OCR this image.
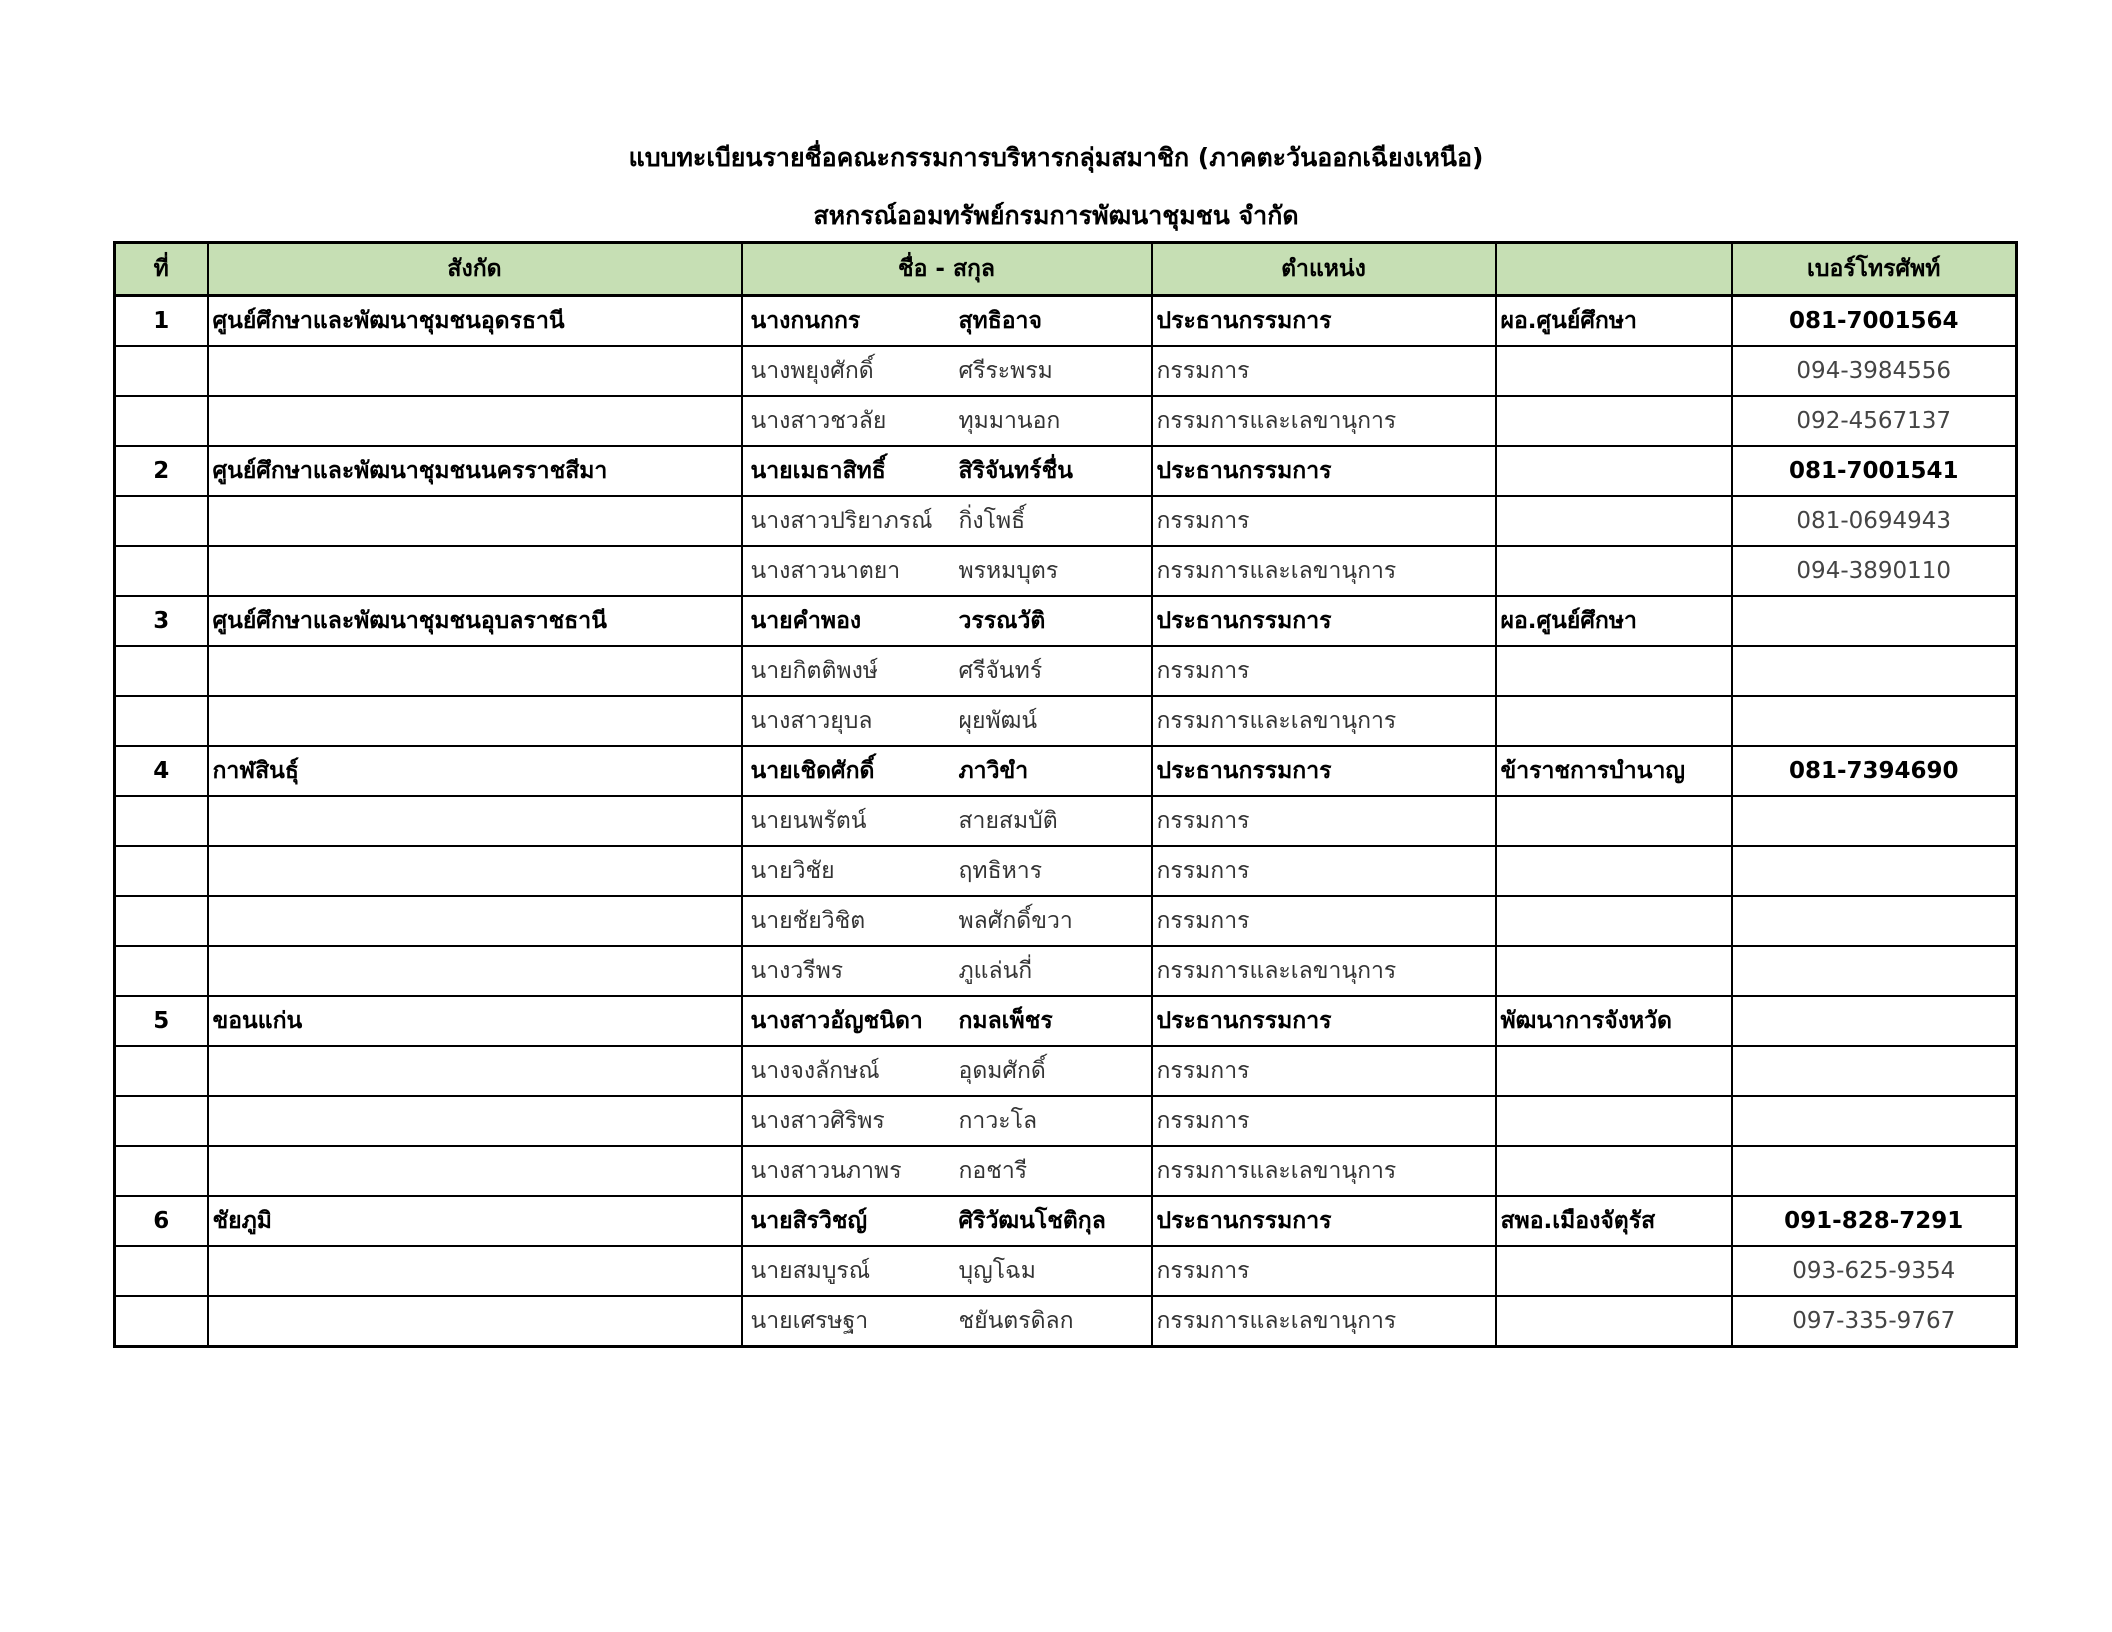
แบบทะเบียนรายชื่อคณะกรรมการบริหารกลุ่มสมาชิก (ภาคตะวันออกเฉียงเหนือ)
สหกรณ์ออมทรัพย์กรมการพัฒนาชุมชน จำกัด
ที่	สังกัด	ชื่อ - สกุล	ตำแหน่ง		เบอร์โทรศัพท์
1	ศูนย์ศึกษาและพัฒนาชุมชนอุดรธานี	นางกนกกร สุทธิอาจ	ประธานกรรมการ	ผอ.ศูนย์ศึกษา	081-7001564

		นางพยุงศักดิ์ ศรีระพรม	กรรมการ		094-3984556

		นางสาวชวลัย ทุมมานอก	กรรมการและเลขานุการ		092-4567137
2	ศูนย์ศึกษาและพัฒนาชุมชนนครราชสีมา	นายเมธาสิทธิ์ สิริจันทร์ชื่น	ประธานกรรมการ		081-7001541

		นางสาวปริยาภรณ์ กิ่งโพธิ์	กรรมการ		081-0694943

		นางสาวนาตยา พรหมบุตร	กรรมการและเลขานุการ		094-3890110
3	ศูนย์ศึกษาและพัฒนาชุมชนอุบลราชธานี	นายคำพอง วรรณวัติ	ประธานกรรมการ	ผอ.ศูนย์ศึกษา	

		นายกิตติพงษ์ ศรีจันทร์	กรรมการ		

		นางสาวยุบล ผุยพัฒน์	กรรมการและเลขานุการ		
4	กาฬสินธุ์	นายเชิดศักดิ์ ภาวิขำ	ประธานกรรมการ	ข้าราชการบำนาญ	081-7394690

		นายนพรัตน์ สายสมบัติ	กรรมการ		

		นายวิชัย ฤทธิหาร	กรรมการ		

		นายชัยวิชิต พลศักดิ์ขวา	กรรมการ		

		นางวรีพร ภูแล่นกี่	กรรมการและเลขานุการ		
5	ขอนแก่น	นางสาวอัญชนิดา กมลเพ็ชร	ประธานกรรมการ	พัฒนาการจังหวัด	

		นางจงลักษณ์ อุดมศักดิ์	กรรมการ		

		นางสาวศิริพร กาวะโล	กรรมการ		

		นางสาวนภาพร กอชารี	กรรมการและเลขานุการ		
6	ชัยภูมิ	นายสิรวิชญ์ ศิริวัฒนโชติกุล	ประธานกรรมการ	สพอ.เมืองจัตุรัส	091-828-7291

		นายสมบูรณ์ บุญโฉม	กรรมการ		093-625-9354

		นายเศรษฐา ชยันตรดิลก	กรรมการและเลขานุการ		097-335-9767
